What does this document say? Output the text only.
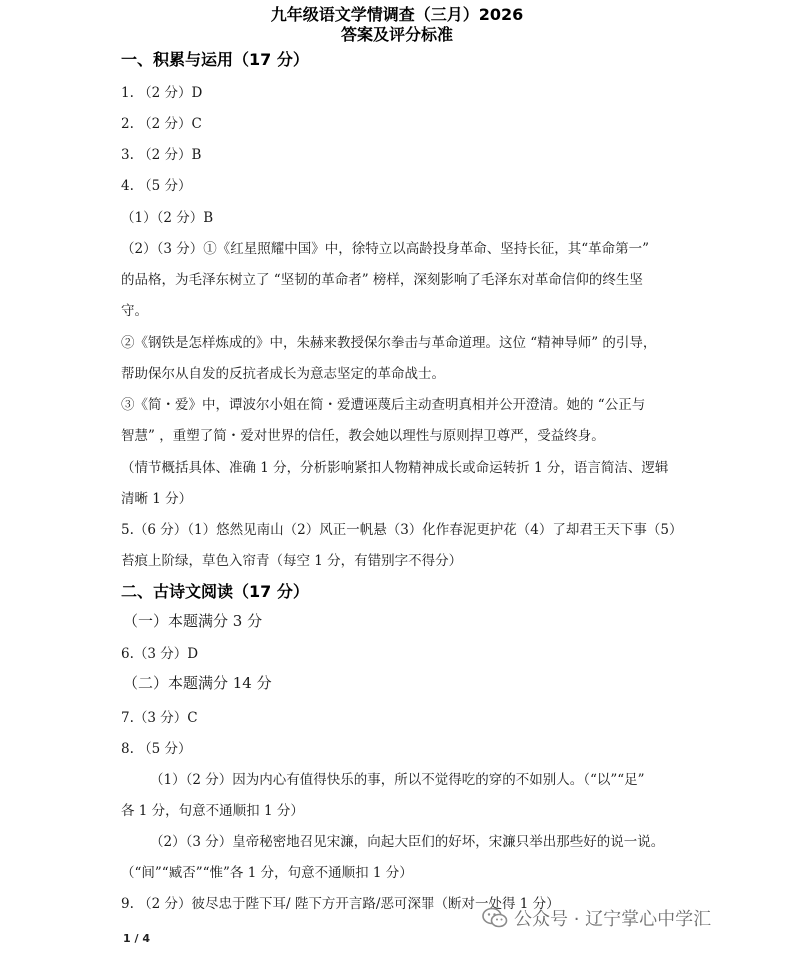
九年级语文学情调查（三月）2026
答案及评分标准
一、积累与运用（17 分）
1. （2 分）D
2. （2 分）C
3. （2 分）B
4. （5 分）
（1）（2 分）B
（2）（3 分）①《红星照耀中国》中，徐特立以高龄投身革命、坚持长征，其“革命第一”
的品格，为毛泽东树立了 “坚韧的革命者” 榜样，深刻影响了毛泽东对革命信仰的终生坚
守。
②《钢铁是怎样炼成的》中，朱赫来教授保尔拳击与革命道理。这位 “精神导师” 的引导，
帮助保尔从自发的反抗者成长为意志坚定的革命战士。
③《简・爱》中，谭波尔小姐在简・爱遭诬蔑后主动查明真相并公开澄清。她的 “公正与
智慧” ，重塑了简・爱对世界的信任，教会她以理性与原则捍卫尊严，受益终身。
（情节概括具体、准确 1 分，分析影响紧扣人物精神成长或命运转折 1 分，语言简洁、逻辑
清晰 1 分）
5.（6 分）（1）悠然见南山（2）风正一帆悬（3）化作春泥更护花（4）了却君王天下事（5）
苔痕上阶绿，草色入帘青（每空 1 分，有错别字不得分）
二、古诗文阅读（17 分）
（一）本题满分 3 分
6.（3 分）D
（二）本题满分 14 分
7.（3 分）C
8. （5 分）
（1）（2 分）因为内心有值得快乐的事，所以不觉得吃的穿的不如别人。（“以”“足”
各 1 分，句意不通顺扣 1 分）
（2）（3 分）皇帝秘密地召见宋濂，向起大臣们的好坏，宋濂只举出那些好的说一说。
（“间”“臧否”“惟”各 1 分，句意不通顺扣 1 分）
9. （2 分）彼尽忠于陛下耳/ 陛下方开言路/恶可深罪（断对一处得 1 分）
公众号 · 辽宁掌心中学汇
1 / 4
